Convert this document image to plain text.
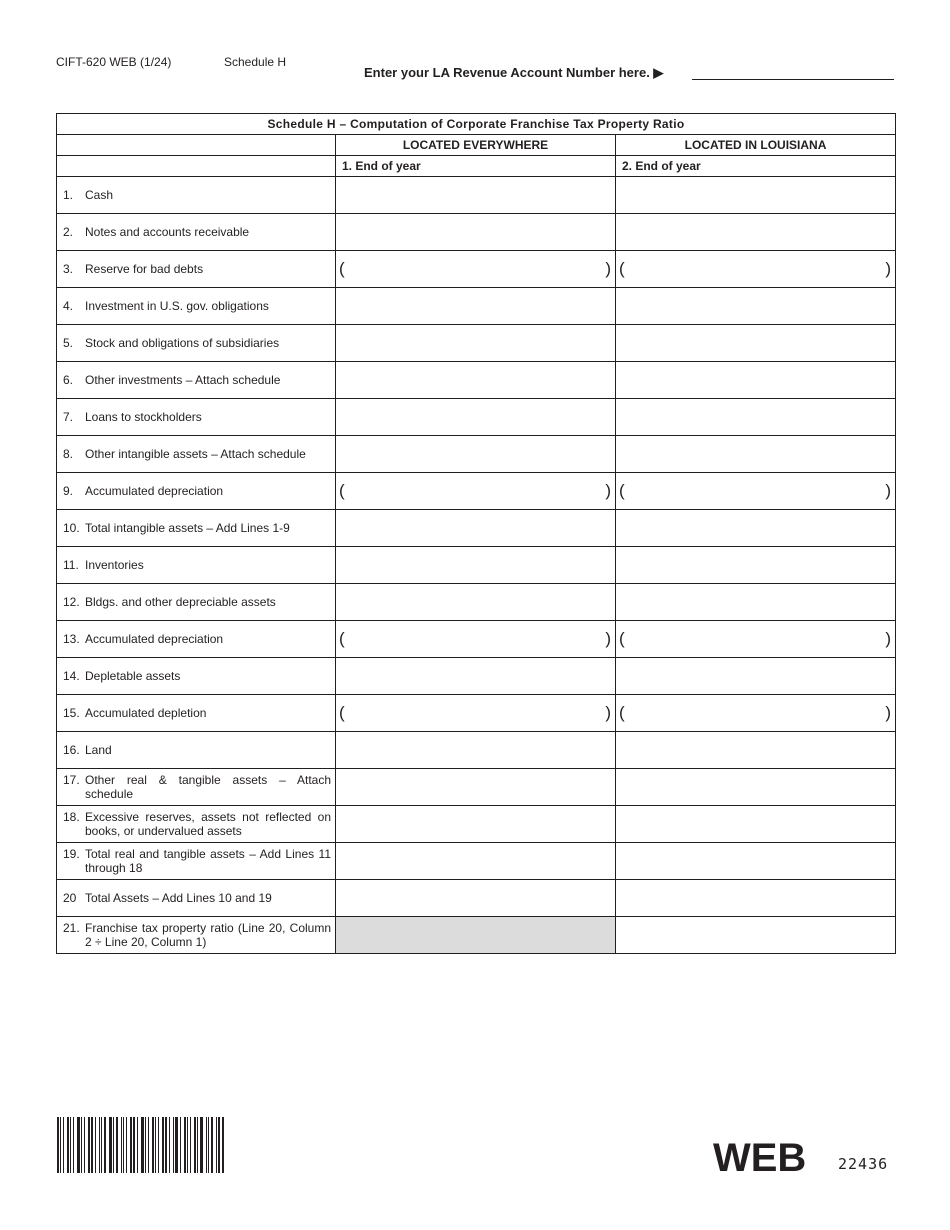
CIFT-620 WEB (1/24)	Schedule H
Enter your LA Revenue Account Number here. ▶
Schedule H – Computation of Corporate Franchise Tax Property Ratio		
	LOCATED EVERYWHERE	LOCATED IN LOUISIANA
	1. End of year	2. End of year

1. Cash		

2. Notes and accounts receivable		

3. Reserve for bad debts	( )	( )

4. Investment in U.S. gov. obligations		

5. Stock and obligations of subsidiaries		

6. Other investments – Attach schedule		

7. Loans to stockholders		

8. Other intangible assets – Attach schedule		

9. Accumulated depreciation	( )	( )

10. Total intangible assets – Add Lines 1-9		

11. Inventories		

12. Bldgs. and other depreciable assets		

13. Accumulated depreciation	( )	( )

14. Depletable assets		

15. Accumulated depletion	( )	( )

16. Land		

17. Other real & tangible assets – Attach schedule		

18. Excessive reserves, assets not reflected on books, or undervalued assets		

19. Total real and tangible assets – Add Lines 11 through 18		

20 Total Assets – Add Lines 10 and 19		

21. Franchise tax property ratio (Line 20, Column 2 ÷ Line 20, Column 1)		

WEB 22436
